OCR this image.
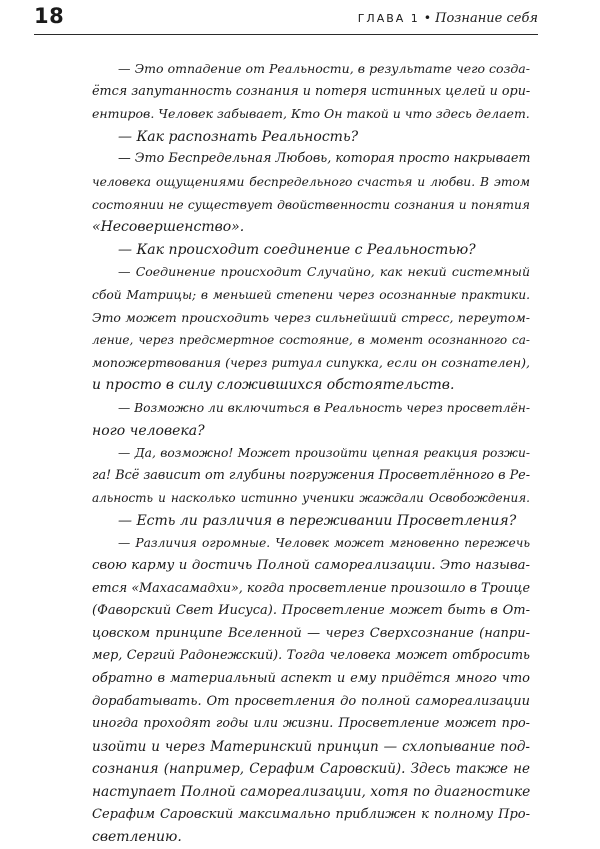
18	ГЛАВА 1 • Познание себя
— Это отпадение от Реальности, в результате чего созда-
ётся запутанность сознания и потеря истинных целей и ори-
ентиров. Человек забывает, Кто Он такой и что здесь делает.
— Как распознать Реальность?
— Это Беспредельная Любовь, которая просто накрывает
человека ощущениями беспредельного счастья и любви. В этом
состоянии не существует двойственности сознания и понятия
«Несовершенство».
— Как происходит соединение с Реальностью?
— Соединение происходит Случайно, как некий системный
сбой Матрицы; в меньшей степени через осознанные практики.
Это может происходить через сильнейший стресс, переутом-
ление, через предсмертное состояние, в момент осознанного са-
мопожертвования (через ритуал сипукка, если он сознателен),
и просто в силу сложившихся обстоятельств.
— Возможно ли включиться в Реальность через просветлён-
ного человека?
— Да, возможно! Может произойти цепная реакция розжи-
га! Всё зависит от глубины погружения Просветлённого в Ре-
альность и насколько истинно ученики жаждали Освобождения.
— Есть ли различия в переживании Просветления?
— Различия огромные. Человек может мгновенно пережечь
свою карму и достичь Полной самореализации. Это называ-
ется «Махасамадхи», когда просветление произошло в Троице
(Фаворский Свет Иисуса). Просветление может быть в От-
цовском принципе Вселенной — через Сверхсознание (напри-
мер, Сергий Радонежский). Тогда человека может отбросить
обратно в материальный аспект и ему придётся много что
дорабатывать. От просветления до полной самореализации
иногда проходят годы или жизни. Просветление может про-
изойти и через Материнский принцип — схлопывание под-
сознания (например, Серафим Саровский). Здесь также не
наступает Полной самореализации, хотя по диагностике
Серафим Саровский максимально приближен к полному Про-
светлению.
